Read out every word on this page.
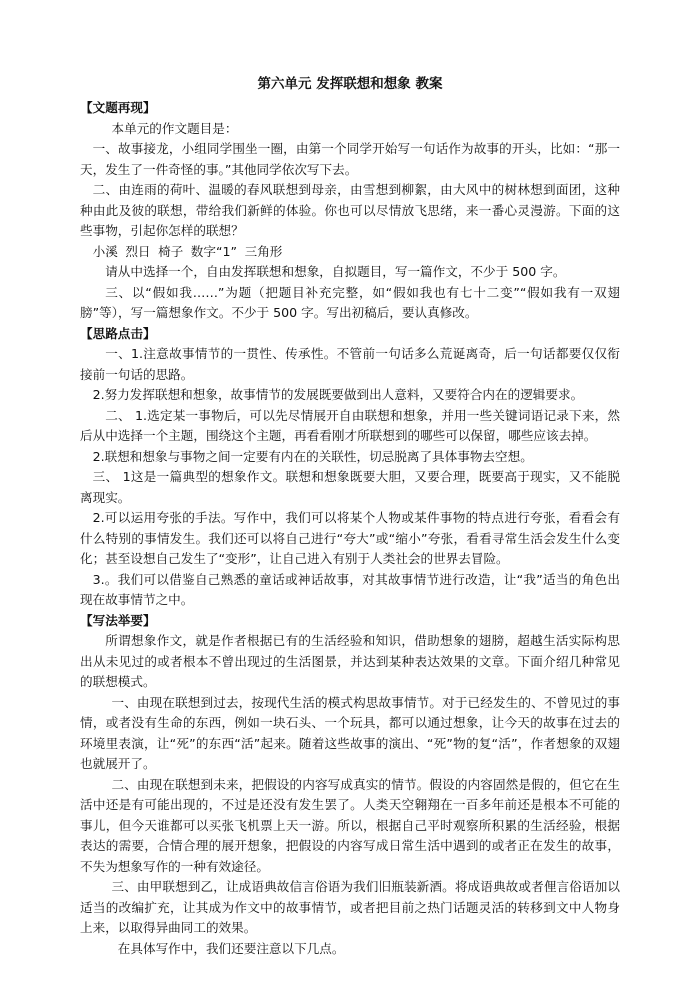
第六单元 发挥联想和想象 教案

【文题再现】

本单元的作文题目是：

一、故事接龙，小组同学围坐一圈，由第一个同学开始写一句话作为故事的开头，比如：“那一天，发生了一件奇怪的事。”其他同学依次写下去。

二、由连雨的荷叶、温暖的春风联想到母亲，由雪想到柳絮，由大风中的树林想到面团，这种种由此及彼的联想，带给我们新鲜的体验。你也可以尽情放飞思绪，来一番心灵漫游。下面的这些事物，引起你怎样的联想？

小溪 烈日 椅子 数字“1” 三角形

请从中选择一个，自由发挥联想和想象，自拟题目，写一篇作文，不少于 500 字。

三、以“假如我……”为题（把题目补充完整，如“假如我也有七十二变”“假如我有一双翅膀”等），写一篇想象作文。不少于 500 字。写出初稿后，要认真修改。

【思路点击】

一、1.注意故事情节的一贯性、传承性。不管前一句话多么荒诞离奇，后一句话都要仅仅衔接前一句话的思路。

2.努力发挥联想和想象，故事情节的发展既要做到出人意料，又要符合内在的逻辑要求。

二、 1.选定某一事物后，可以先尽情展开自由联想和想象，并用一些关键词语记录下来，然后从中选择一个主题，围绕这个主题，再看看刚才所联想到的哪些可以保留，哪些应该去掉。

2.联想和想象与事物之间一定要有内在的关联性，切忌脱离了具体事物去空想。

三、 1这是一篇典型的想象作文。联想和想象既要大胆，又要合理，既要高于现实，又不能脱离现实。

2.可以运用夸张的手法。写作中，我们可以将某个人物或某件事物的特点进行夸张，看看会有什么特别的事情发生。我们还可以将自己进行“夸大”或“缩小”夸张，看看寻常生活会发生什么变化；甚至设想自己发生了“变形”，让自己进入有别于人类社会的世界去冒险。

3.。我们可以借鉴自己熟悉的童话或神话故事，对其故事情节进行改造，让“我”适当的角色出现在故事情节之中。

【写法举要】

所谓想象作文，就是作者根据已有的生活经验和知识，借助想象的翅膀，超越生活实际构思出从未见过的或者根本不曾出现过的生活图景，并达到某种表达效果的文章。下面介绍几种常见的联想模式。

一、由现在联想到过去，按现代生活的模式构思故事情节。对于已经发生的、不曾见过的事情，或者没有生命的东西，例如一块石头、一个玩具，都可以通过想象，让今天的故事在过去的环境里表演，让“死”的东西“活”起来。随着这些故事的演出、“死”物的复“活”，作者想象的双翅也就展开了。

二、由现在联想到未来，把假设的内容写成真实的情节。假设的内容固然是假的，但它在生活中还是有可能出现的，不过是还没有发生罢了。人类天空翱翔在一百多年前还是根本不可能的事儿，但今天谁都可以买张飞机票上天一游。所以，根据自己平时观察所积累的生活经验，根据表达的需要，合情合理的展开想象，把假设的内容写成日常生活中遇到的或者正在发生的故事，不失为想象写作的一种有效途径。

三、由甲联想到乙，让成语典故信言俗语为我们旧瓶装新酒。将成语典故或者俚言俗语加以适当的改编扩充，让其成为作文中的故事情节，或者把目前之热门话题灵活的转移到文中人物身上来，以取得异曲同工的效果。

在具体写作中，我们还要注意以下几点。
